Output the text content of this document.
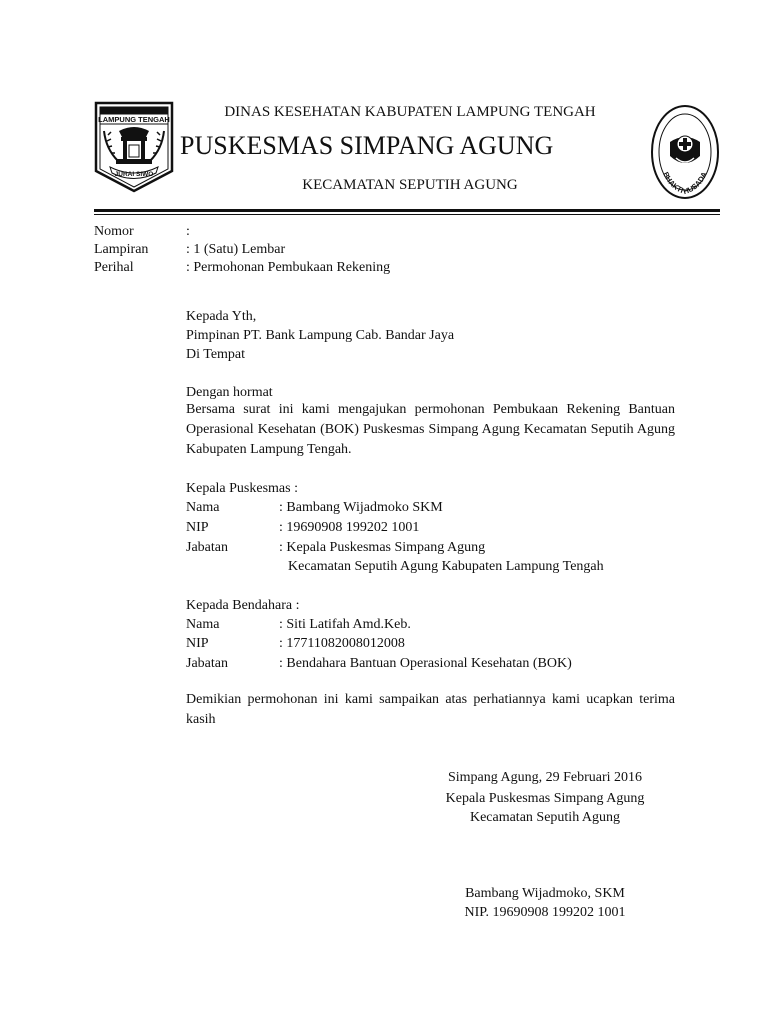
LAMPUNG TENGAH
JURAI SIWO	BHAKTI HUSADA
DINAS KESEHATAN KABUPATEN LAMPUNG TENGAH
PUSKESMAS SIMPANG AGUNG
KECAMATAN SEPUTIH AGUNG
Nomor	:
Lampiran	: 1 (Satu) Lembar
Perihal	: Permohonan Pembukaan Rekening
Kepada Yth,
Pimpinan PT. Bank Lampung Cab. Bandar Jaya
Di Tempat
Dengan hormat
Bersama surat ini kami mengajukan permohonan Pembukaan Rekening Bantuan Operasional Kesehatan (BOK) Puskesmas Simpang Agung Kecamatan Seputih Agung Kabupaten Lampung Tengah.
Kepala Puskesmas :
Nama	: Bambang Wijadmoko SKM
NIP	: 19690908 199202 1001
Jabatan	: Kepala Puskesmas Simpang Agung
Kecamatan Seputih Agung Kabupaten Lampung Tengah
Kepada Bendahara :
Nama	: Siti Latifah Amd.Keb.
NIP	: 17711082008012008
Jabatan	: Bendahara Bantuan Operasional Kesehatan (BOK)
Demikian permohonan ini kami sampaikan atas perhatiannya kami ucapkan terima kasih
Simpang Agung, 29 Februari 2016
Kepala Puskesmas Simpang Agung
Kecamatan Seputih Agung
Bambang Wijadmoko, SKM
NIP. 19690908 199202 1001
